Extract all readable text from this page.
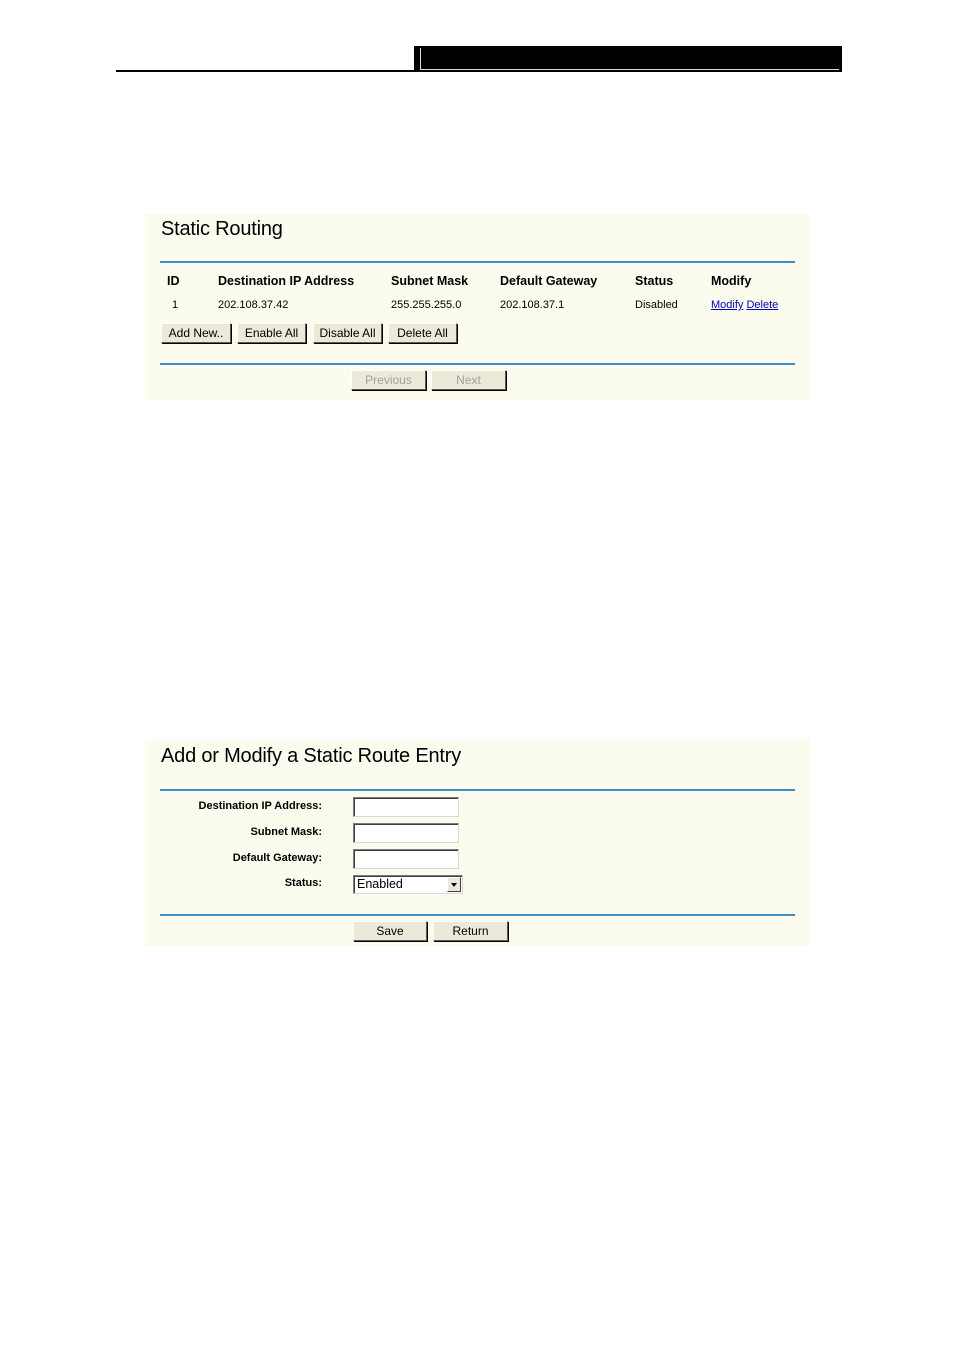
Static Routing
ID	Destination IP Address	Subnet Mask	Default Gateway	Status	Modify
1	202.108.37.42	255.255.255.0	202.108.37.1	Disabled	Modify Delete
Add New..	Enable All	Disable All	Delete All
Previous	Next
Add or Modify a Static Route Entry
Destination IP Address:
Subnet Mask:
Default Gateway:
Status:	Enabled
Save	Return
